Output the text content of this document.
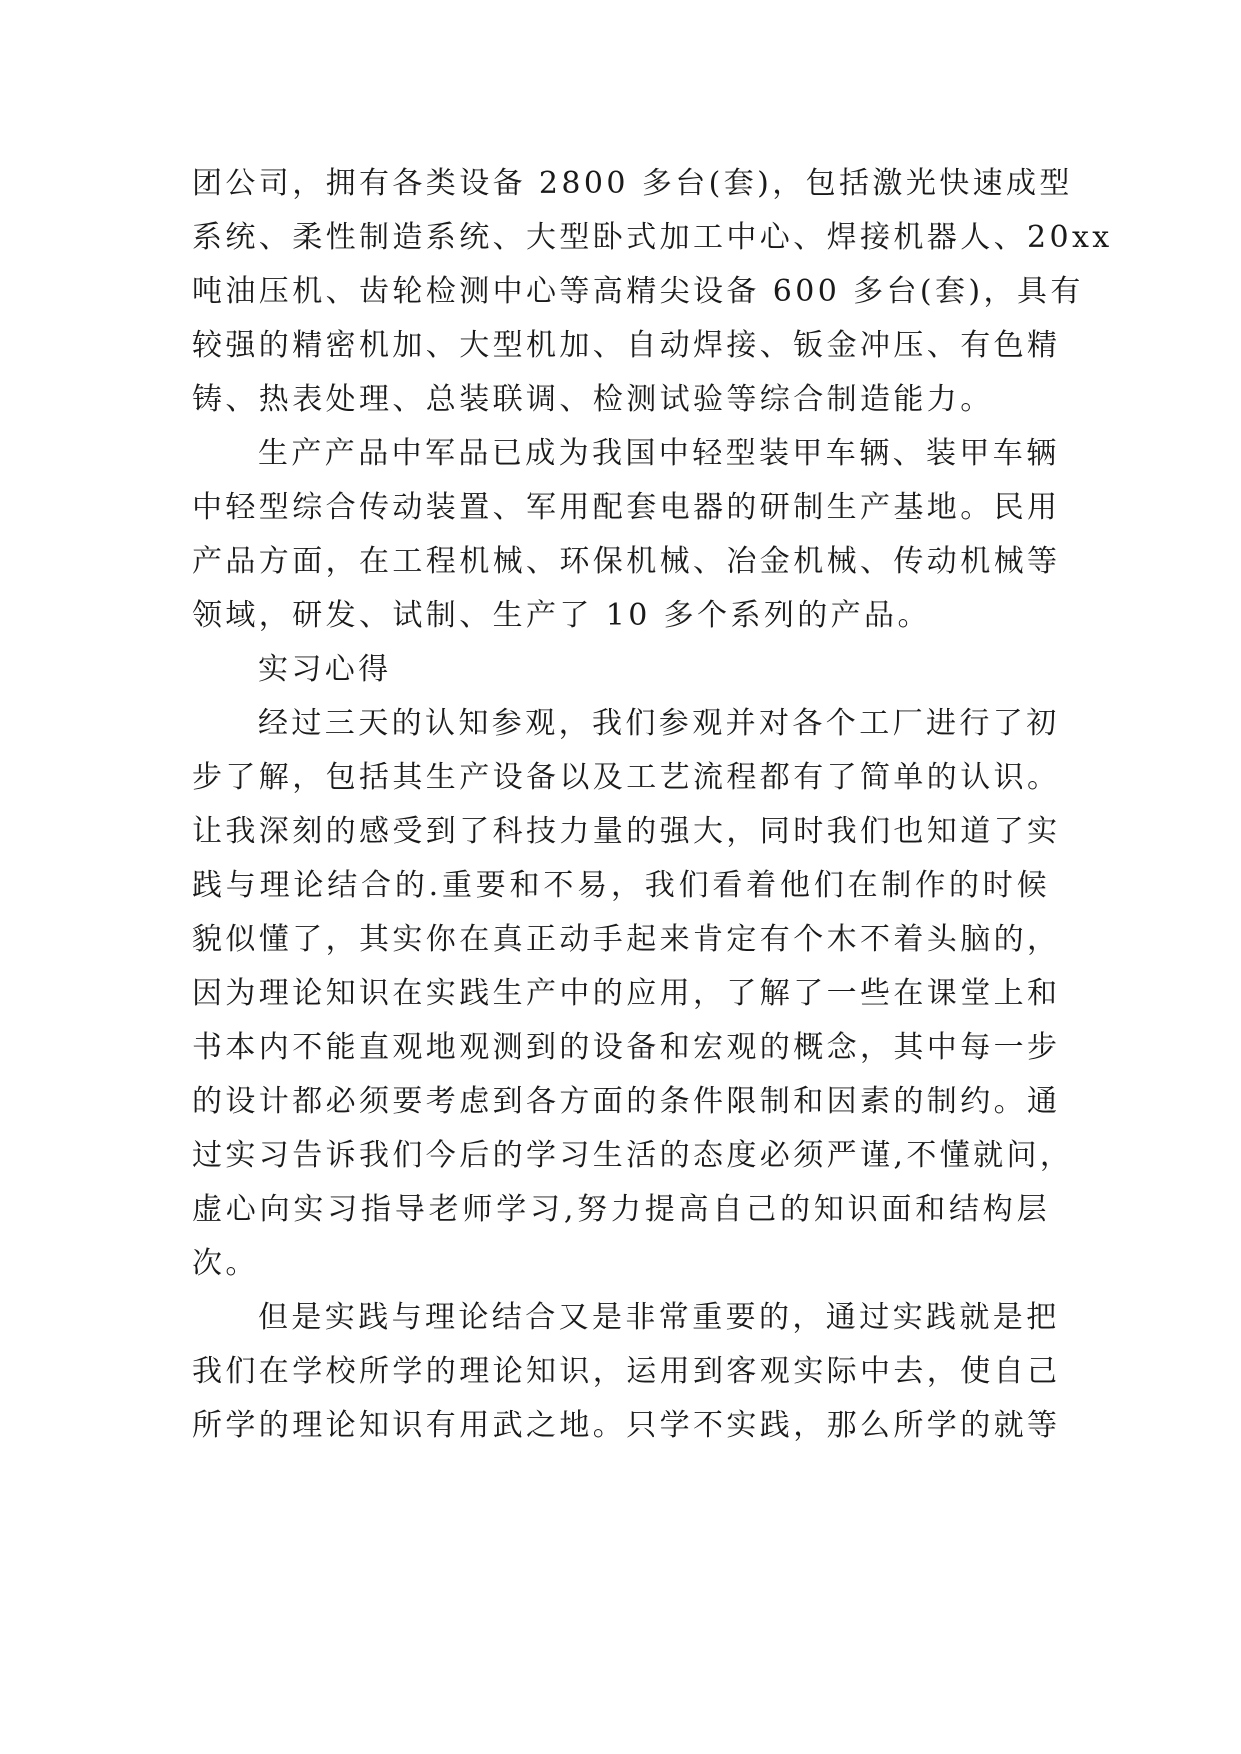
团公司，拥有各类设备 2800 多台(套)，包括激光快速成型
系统、柔性制造系统、大型卧式加工中心、焊接机器人、20xx
吨油压机、齿轮检测中心等高精尖设备 600 多台(套)，具有
较强的精密机加、大型机加、自动焊接、钣金冲压、有色精
铸、热表处理、总装联调、检测试验等综合制造能力。
生产产品中军品已成为我国中轻型装甲车辆、装甲车辆
中轻型综合传动装置、军用配套电器的研制生产基地。民用
产品方面，在工程机械、环保机械、冶金机械、传动机械等
领域，研发、试制、生产了 10 多个系列的产品。
实习心得
经过三天的认知参观，我们参观并对各个工厂进行了初
步了解，包括其生产设备以及工艺流程都有了简单的认识。
让我深刻的感受到了科技力量的强大，同时我们也知道了实
践与理论结合的.重要和不易，我们看着他们在制作的时候
貌似懂了，其实你在真正动手起来肯定有个木不着头脑的，
因为理论知识在实践生产中的应用，了解了一些在课堂上和
书本内不能直观地观测到的设备和宏观的概念，其中每一步
的设计都必须要考虑到各方面的条件限制和因素的制约。通
过实习告诉我们今后的学习生活的态度必须严谨,不懂就问，
虚心向实习指导老师学习,努力提高自己的知识面和结构层
次。
但是实践与理论结合又是非常重要的，通过实践就是把
我们在学校所学的理论知识，运用到客观实际中去，使自己
所学的理论知识有用武之地。只学不实践，那么所学的就等
